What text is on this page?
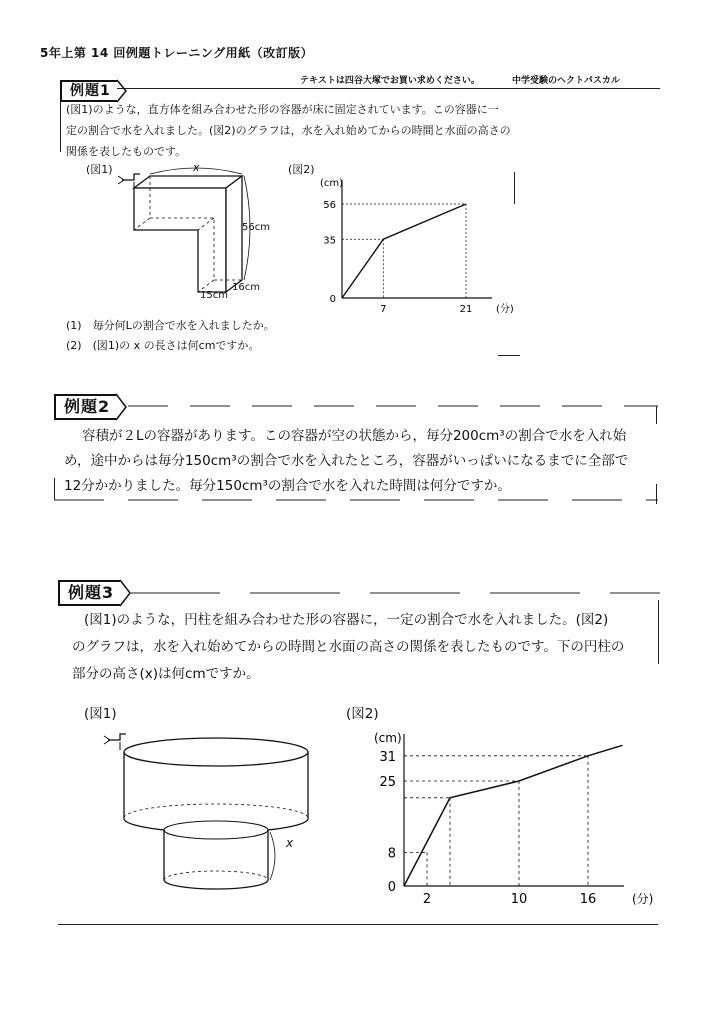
5年上第 14 回例題トレーニング用紙（改訂版）
テキストは四谷大塚でお買い求めください。	中学受験のヘクトパスカル
例題1
(図1)のような，直方体を組み合わせた形の容器が床に固定されています。この容器に一
定の割合で水を入れました。(図2)のグラフは，水を入れ始めてからの時間と水面の高さの
関係を表したものです。
(図1)	(図2)
x
56cm
15cm
16cm
(cm)
56
35
0
7	21 (分)
(1)　毎分何Lの割合で水を入れましたか。
(2)　(図1)の x の長さは何cmですか。
例題2
容積が２Lの容器があります。この容器が空の状態から，毎分200cm³の割合で水を入れ始
め，途中からは毎分150cm³の割合で水を入れたところ，容器がいっぱいになるまでに全部で
12分かかりました。毎分150cm³の割合で水を入れた時間は何分ですか。
例題3
(図1)のような，円柱を組み合わせた形の容器に，一定の割合で水を入れました。(図2)
のグラフは，水を入れ始めてからの時間と水面の高さの関係を表したものです。下の円柱の
部分の高さ(x)は何cmですか。
(図1)	(図2)
x
(cm)
31
25
8
0
2	10	16	(分)
